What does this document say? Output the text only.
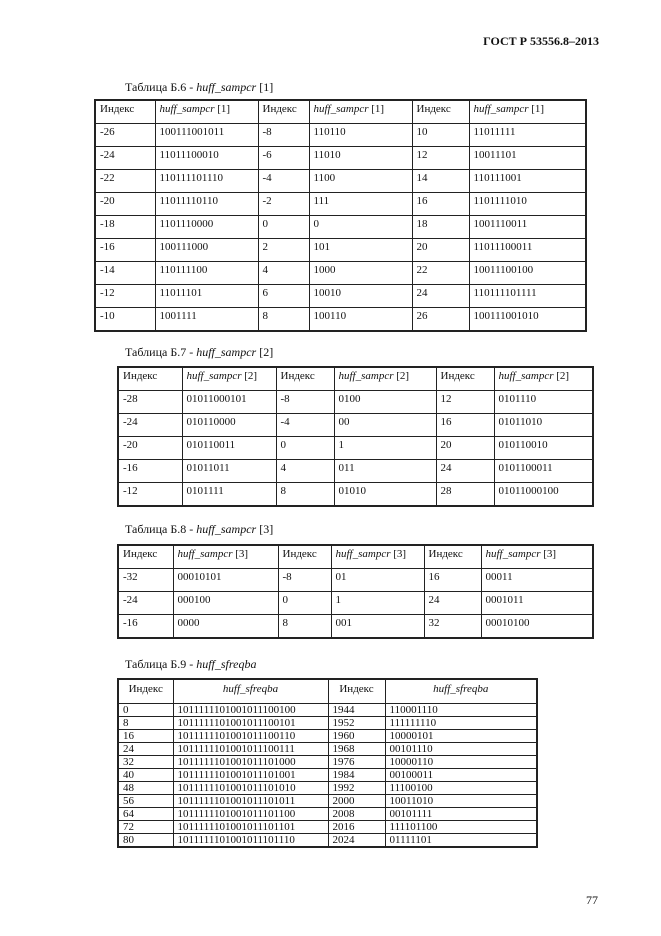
ГОСТ Р 53556.8–2013
Таблица Б.6 - huff_sampcr [1]
Индекс	huff_sampcr [1]	Индекс	huff_sampcr [1]	Индекс	huff_sampcr [1]
-26	100111001011	-8	110110	10	11011111
-24	11011100010	-6	11010	12	10011101
-22	110111101110	-4	1100	14	110111001
-20	11011110110	-2	111	16	1101111010
-18	1101110000	0	0	18	1001110011
-16	100111000	2	101	20	11011100011
-14	110111100	4	1000	22	10011100100
-12	11011101	6	10010	24	110111101111
-10	1001111	8	100110	26	100111001010
Таблица Б.7 - huff_sampcr [2]
Индекс	huff_sampcr [2]	Индекс	huff_sampcr [2]	Индекс	huff_sampcr [2]
-28	01011000101	-8	0100	12	0101110
-24	010110000	-4	00	16	01011010
-20	010110011	0	1	20	010110010
-16	01011011	4	011	24	0101100011
-12	0101111	8	01010	28	01011000100
Таблица Б.8 - huff_sampcr [3]
Индекс	huff_sampcr [3]	Индекс	huff_sampcr [3]	Индекс	huff_sampcr [3]
-32	00010101	-8	01	16	00011
-24	000100	0	1	24	0001011
-16	0000	8	001	32	00010100
Таблица Б.9 - huff_sfreqba
Индекс	huff_sfreqba	Индекс	huff_sfreqba
0	1011111101001011100100	1944	110001110
8	1011111101001011100101	1952	111111110
16	1011111101001011100110	1960	10000101
24	1011111101001011100111	1968	00101110
32	1011111101001011101000	1976	10000110
40	1011111101001011101001	1984	00100011
48	1011111101001011101010	1992	11100100
56	1011111101001011101011	2000	10011010
64	1011111101001011101100	2008	00101111
72	1011111101001011101101	2016	111101100
80	1011111101001011101110	2024	01111101
77
